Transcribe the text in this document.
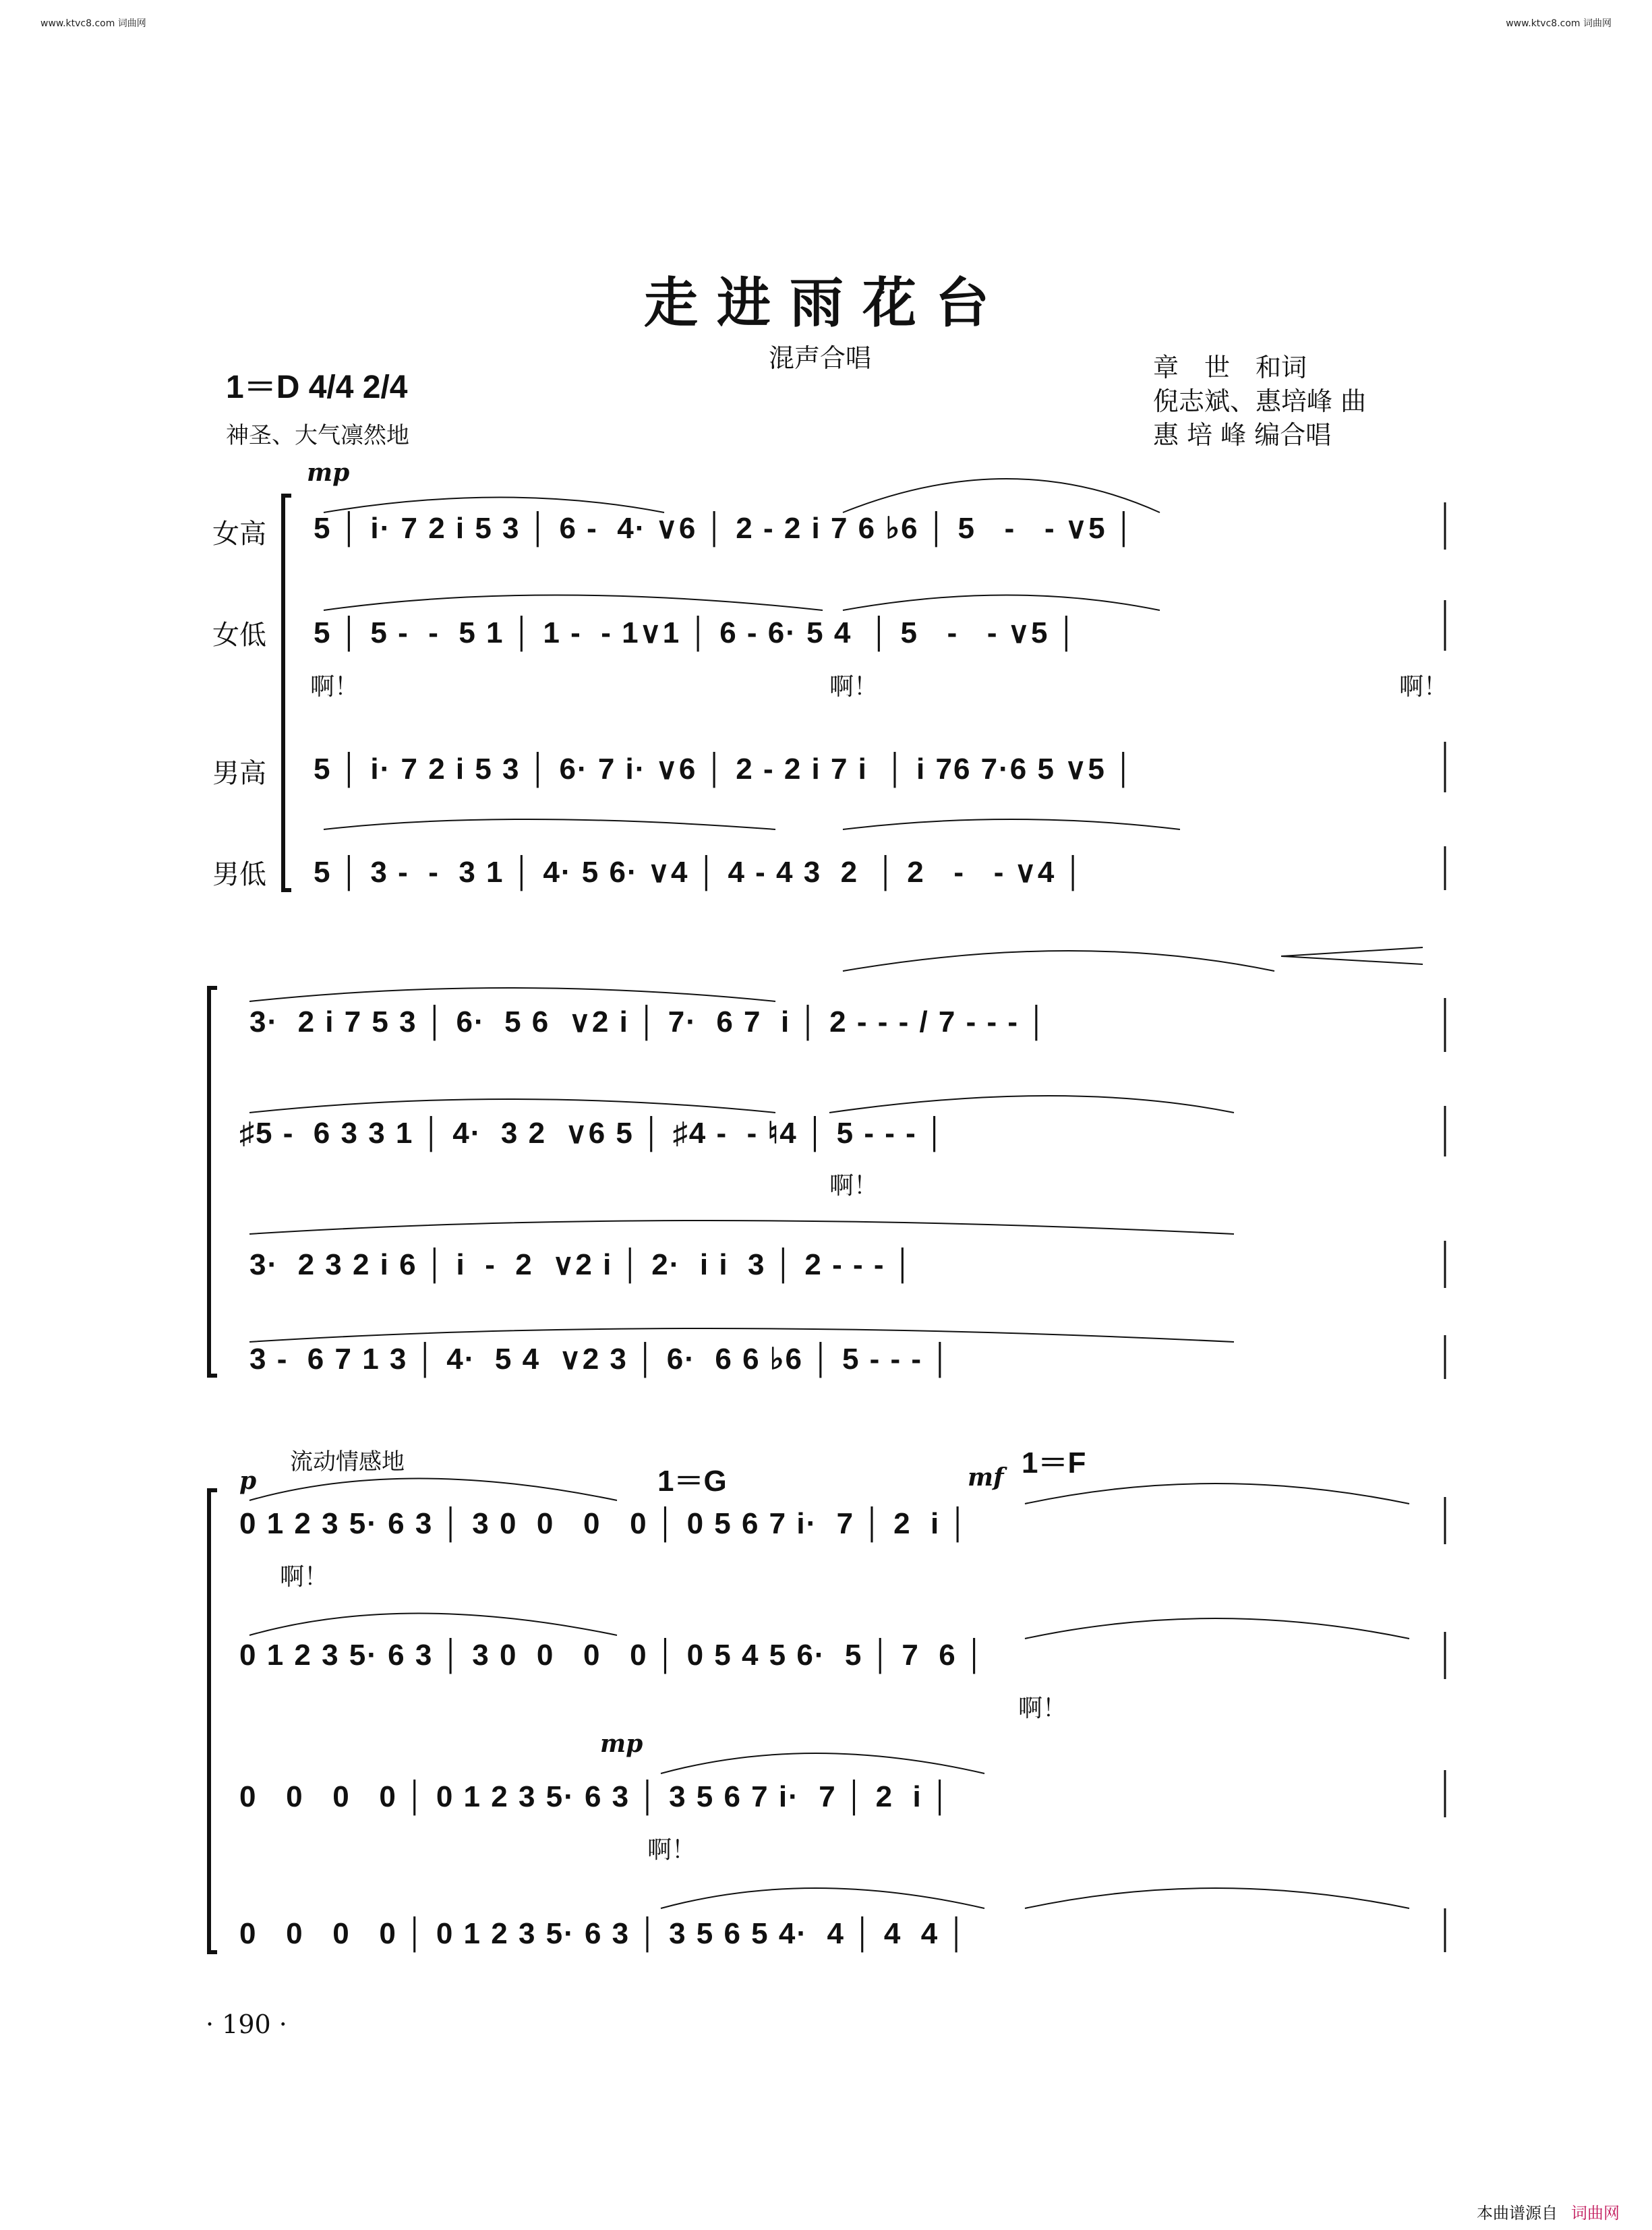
www.ktvc8.com 词曲网	www.ktvc8.com 词曲网
走进雨花台
混声合唱	章　世　和词
倪志斌、惠培峰 曲
惠 培 峰 编合唱
1＝D 4/4 2/4
神圣、大气凛然地
女高
女低
男高
男低
mp
5 │ i· 7 2 i 5 3 │ 6 -  4· ∨6 │ 2 - 2 i 7 6 ♭6 │ 5   -   - ∨5 │
5 │ 5 -  -  5 1 │ 1 -  - 1∨1 │ 6 - 6· 5 4  │ 5   -   - ∨5 │
啊！	啊！	啊！
5 │ i· 7 2 i 5 3 │ 6· 7 i· ∨6 │ 2 - 2 i 7 i  │ i 76 7·6 5 ∨5 │
5 │ 3 -  -  3 1 │ 4· 5 6· ∨4 │ 4 - 4 3  2  │ 2   -   - ∨4 │
3·  2 i 7 5 3 │ 6·  5 6  ∨2 i │ 7·  6 7  i │ 2 - - - / 7 - - - │
♯5 -  6 3 3 1 │ 4·  3 2  ∨6 5 │ ♯4 -  - ♮4 │ 5 - - - │
啊！
3·  2 3 2 i 6 │ i  -  2  ∨2 i │ 2·  i i  3 │ 2 - - - │
3 -  6 7 1 3 │ 4·  5 4  ∨2 3 │ 6·  6 6 ♭6 │ 5 - - - │
流动情感地
p	1＝G	mf 1＝F
0 1 2 3 5· 6 3 │ 3 0  0   0   0 │ 0 5 6 7 i·  7 │ 2  i │
啊！
0 1 2 3 5· 6 3 │ 3 0  0   0   0 │ 0 5 4 5 6·  5 │ 7  6 │
啊！
mp
0   0   0   0 │ 0 1 2 3 5· 6 3 │ 3 5 6 7 i·  7 │ 2  i │
啊！
0   0   0   0 │ 0 1 2 3 5· 6 3 │ 3 5 6 5 4·  4 │ 4  4 │
· 190 ·
本曲谱源自 词曲网
